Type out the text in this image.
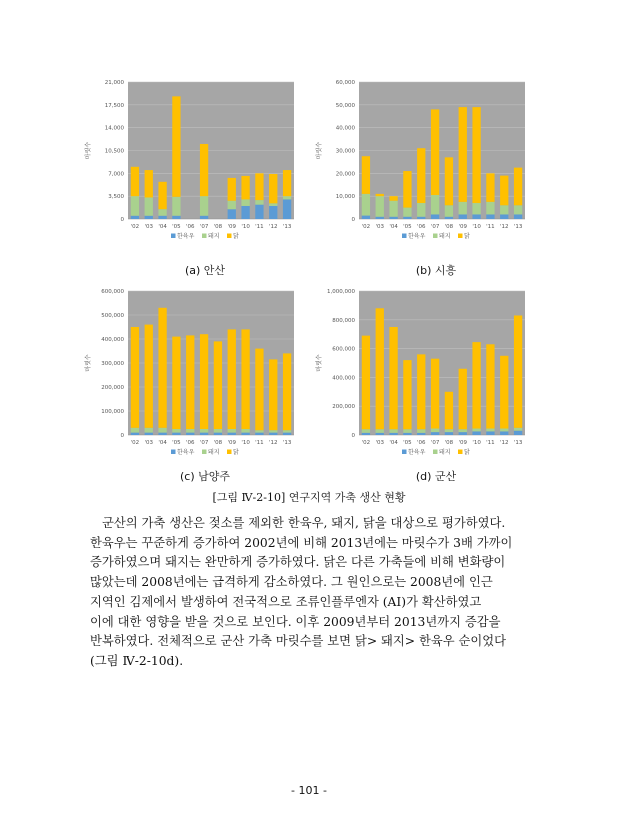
21,000
17,500
14,000
10,500
7,000
3,500
0
마릿수
'02 '03 '04 '05 '06 '07 '08 '09 '10 '11 '12 '13
한육우 돼지 닭
(a) 안산
60,000
50,000
40,000
30,000
20,000
10,000
0
마릿수
'02 '03 '04 '05 '06 '07 '08 '09 '10 '11 '12 '13
한육우 돼지 닭
(b) 시흥
600,000
500,000
400,000
300,000
200,000
100,000
0
마릿수
'02 '03 '04 '05 '06 '07 '08 '09 '10 '11 '12 '13
한육우 돼지 닭
(c) 남양주
1,000,000
800,000
600,000
400,000
200,000
0
마릿수
'02 '03 '04 '05 '06 '07 '08 '09 '10 '11 '12 '13
한육우 돼지 닭
(d) 군산
[그림 Ⅳ-2-10] 연구지역 가축 생산 현황

군산의 가축 생산은 젖소를 제외한 한육우, 돼지, 닭을 대상으로 평가하였다.

한육우는 꾸준하게 증가하여 2002년에 비해 2013년에는 마릿수가 3배 가까이
증가하였으며 돼지는 완만하게 증가하였다. 닭은 다른 가축들에 비해 변화량이
많았는데 2008년에는 급격하게 감소하였다. 그 원인으로는 2008년에 인근
지역인 김제에서 발생하여 전국적으로 조류인플루엔자 (AI)가 확산하였고
이에 대한 영향을 받을 것으로 보인다. 이후 2009년부터 2013년까지 증감을
반복하였다. 전체적으로 군산 가축 마릿수를 보면 닭> 돼지> 한육우 순이었다
(그림 Ⅳ-2-10d).
- 101 -
